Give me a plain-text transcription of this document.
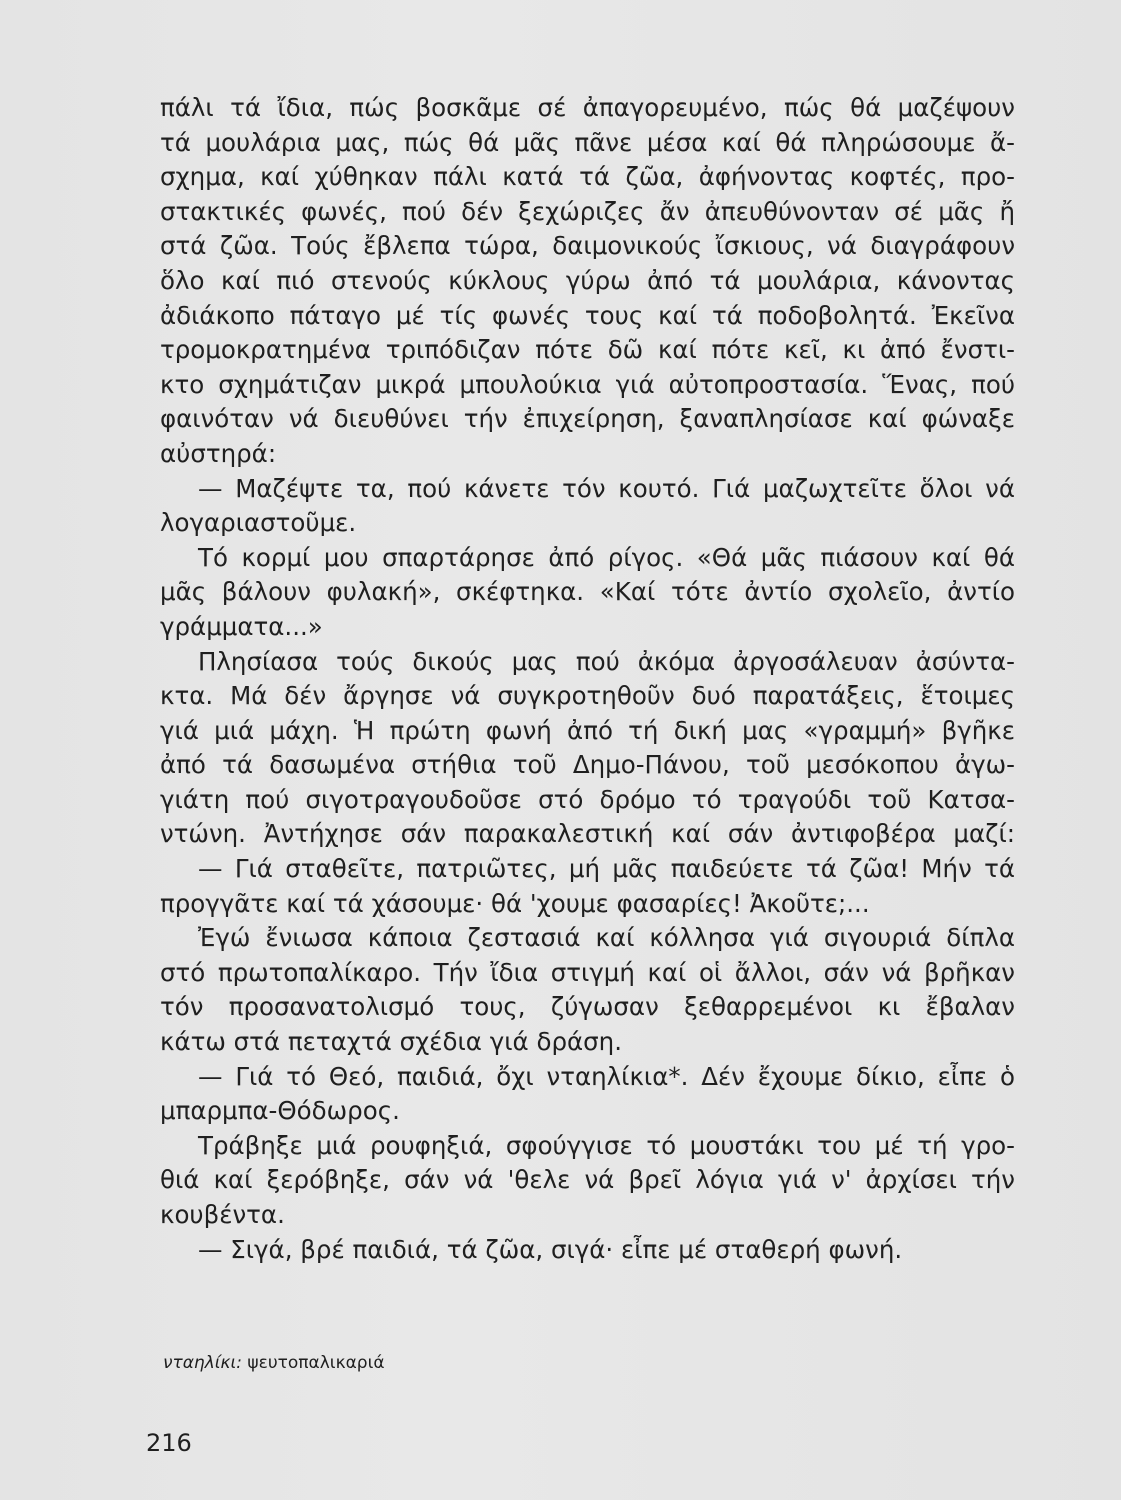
πάλι τά ἴδια, πώς βοσκᾶμε σέ ἀπαγορευμένο, πώς θά μαζέψουν
τά μουλάρια μας, πώς θά μᾶς πᾶνε μέσα καί θά πληρώσουμε ἄ-
σχημα, καί χύθηκαν πάλι κατά τά ζῶα, ἀφήνοντας κοφτές, προ-
στακτικές φωνές, πού δέν ξεχώριζες ἄν ἀπευθύνονταν σέ μᾶς ἤ
στά ζῶα. Τούς ἔβλεπα τώρα, δαιμονικούς ἴσκιους, νά διαγράφουν
ὅλο καί πιό στενούς κύκλους γύρω ἀπό τά μουλάρια, κάνοντας
ἀδιάκοπο πάταγο μέ τίς φωνές τους καί τά ποδοβολητά. Ἐκεῖνα
τρομοκρατημένα τριπόδιζαν πότε δῶ καί πότε κεῖ, κι ἀπό ἔνστι-
κτο σχημάτιζαν μικρά μπουλούκια γιά αὐτοπροστασία. Ἕνας, πού
φαινόταν νά διευθύνει τήν ἐπιχείρηση, ξαναπλησίασε καί φώναξε
αὐστηρά:
— Μαζέψτε τα, πού κάνετε τόν κουτό. Γιά μαζωχτεῖτε ὅλοι νά
λογαριαστοῦμε.
Τό κορμί μου σπαρτάρησε ἀπό ρίγος. «Θά μᾶς πιάσουν καί θά
μᾶς βάλουν φυλακή», σκέφτηκα. «Καί τότε ἀντίο σχολεῖο, ἀντίο
γράμματα...»
Πλησίασα τούς δικούς μας πού ἀκόμα ἀργοσάλευαν ἀσύντα-
κτα. Μά δέν ἄργησε νά συγκροτηθοῦν δυό παρατάξεις, ἕτοιμες
γιά μιά μάχη. Ἡ πρώτη φωνή ἀπό τή δική μας «γραμμή» βγῆκε
ἀπό τά δασωμένα στήθια τοῦ Δημο-Πάνου, τοῦ μεσόκοπου ἀγω-
γιάτη πού σιγοτραγουδοῦσε στό δρόμο τό τραγούδι τοῦ Κατσα-
ντώνη. Ἀντήχησε σάν παρακαλεστική καί σάν ἀντιφοβέρα μαζί:
— Γιά σταθεῖτε, πατριῶτες, μή μᾶς παιδεύετε τά ζῶα! Μήν τά
προγγᾶτε καί τά χάσουμε· θά 'χουμε φασαρίες! Ἀκοῦτε;...
Ἐγώ ἔνιωσα κάποια ζεστασιά καί κόλλησα γιά σιγουριά δίπλα
στό πρωτοπαλίκαρο. Τήν ἴδια στιγμή καί οἱ ἄλλοι, σάν νά βρῆκαν
τόν προσανατολισμό τους, ζύγωσαν ξεθαρρεμένοι κι ἔβαλαν
κάτω στά πεταχτά σχέδια γιά δράση.
— Γιά τό Θεό, παιδιά, ὄχι νταηλίκια*. Δέν ἔχουμε δίκιο, εἶπε ὁ
μπαρμπα-Θόδωρος.
Τράβηξε μιά ρουφηξιά, σφούγγισε τό μουστάκι του μέ τή γρο-
θιά καί ξερόβηξε, σάν νά 'θελε νά βρεῖ λόγια γιά ν' ἀρχίσει τήν
κουβέντα.
— Σιγά, βρέ παιδιά, τά ζῶα, σιγά· εἶπε μέ σταθερή φωνή.
νταηλίκι: ψευτοπαλικαριά
216
